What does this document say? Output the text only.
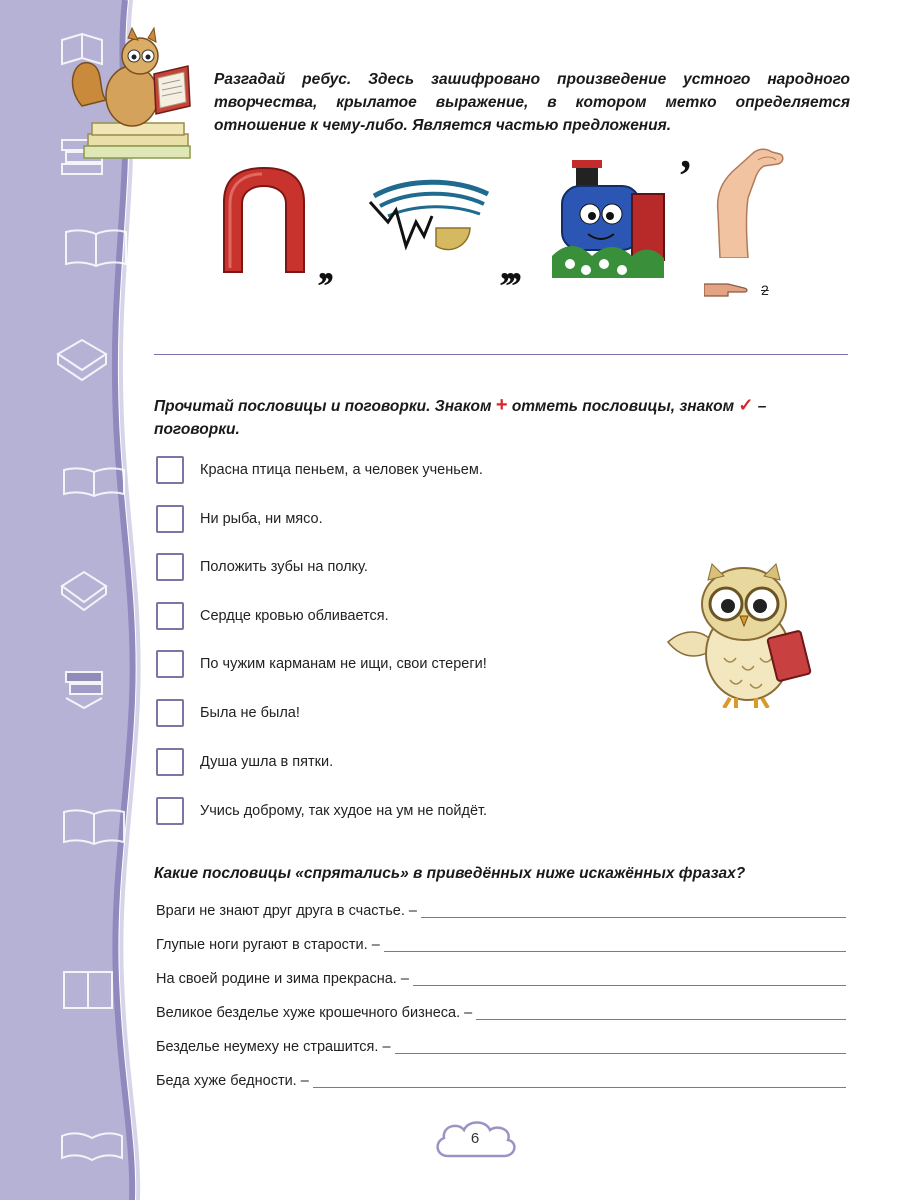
Разгадай ребус. Здесь зашифровано произведение устного народного творчества, крылатое выражение, в котором метко определяется отношение к чему-либо. Является частью предложения.
,,	,,,
’
2
Прочитай пословицы и поговорки. Знаком + отметь пословицы, знаком ✓ – поговорки.
Красна птица пеньем, а человек ученьем.
Ни рыба, ни мясо.
Положить зубы на полку.
Сердце кровью обливается.
По чужим карманам не ищи, свои стереги!
Была не была!
Душа ушла в пятки.
Учись доброму, так худое на ум не пойдёт.
Какие пословицы «спрятались» в приведённых ниже искажённых фразах?
Враги не знают друг друга в счастье. –
Глупые ноги ругают в старости. –
На своей родине и зима прекрасна. –
Великое безделье хуже крошечного бизнеса. –
Безделье неумеху не страшится. –
Беда хуже бедности. –
6
